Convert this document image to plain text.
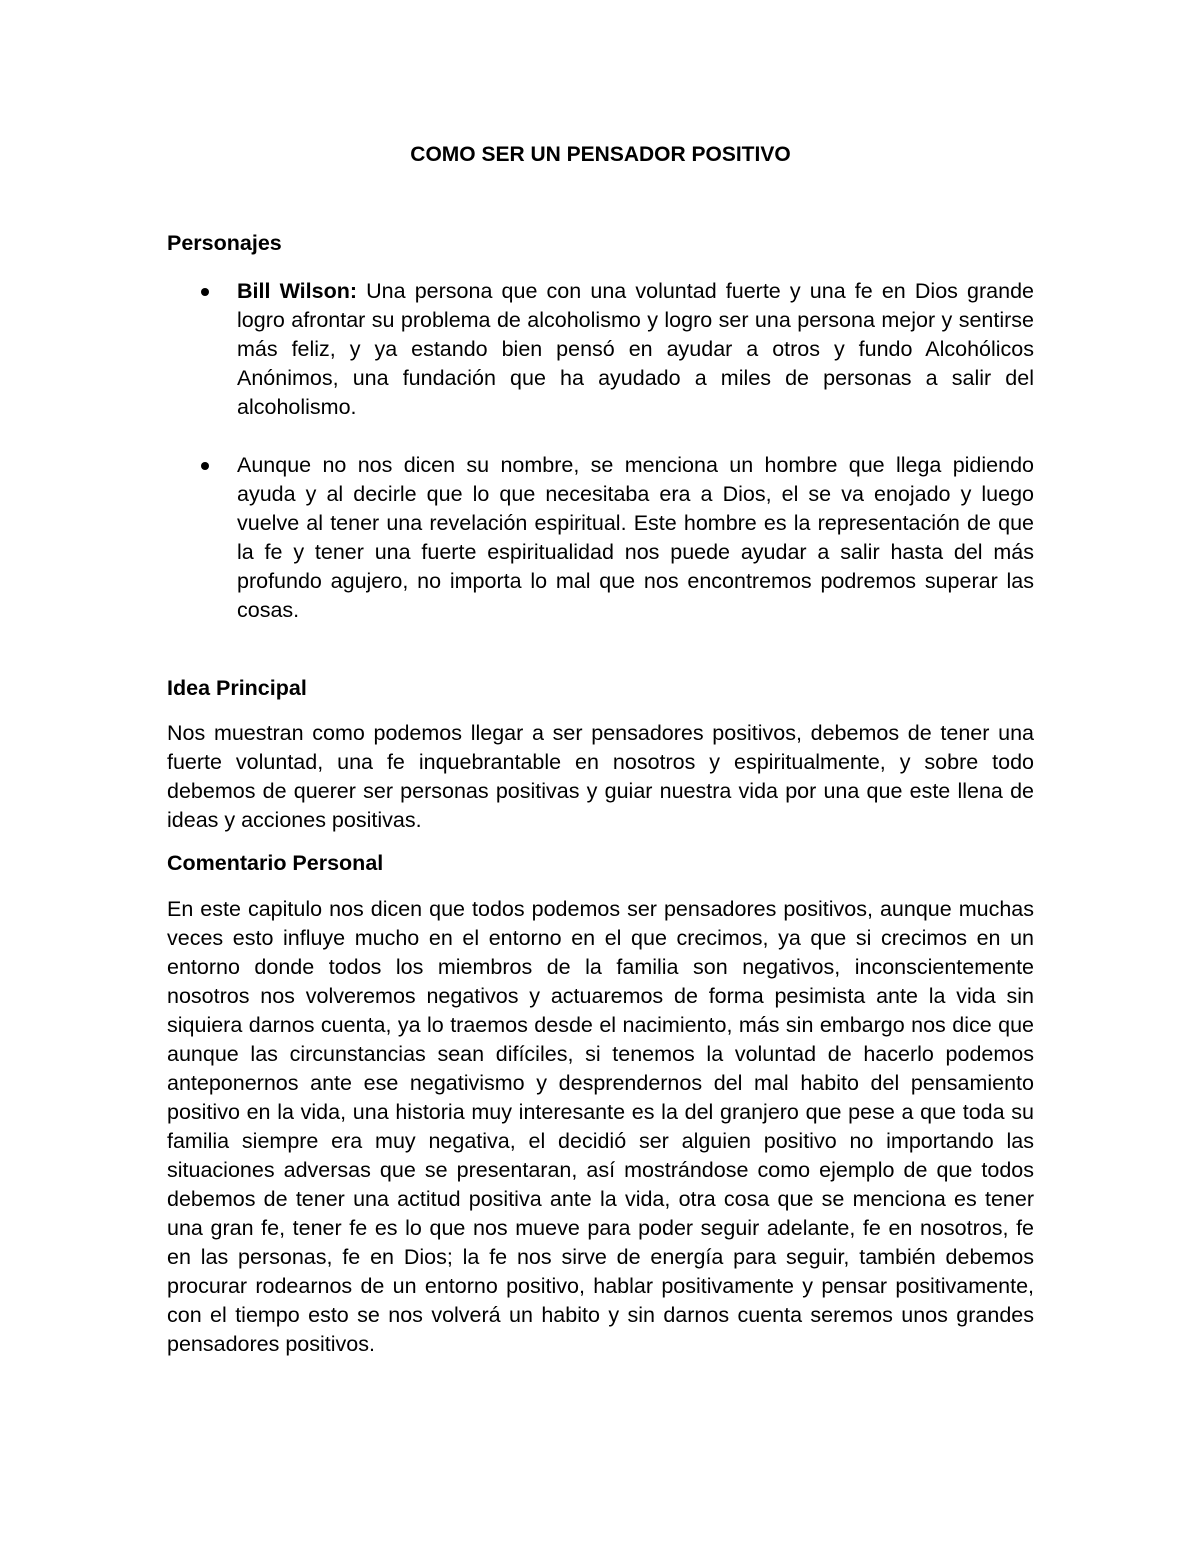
COMO SER UN PENSADOR POSITIVO
Personajes
Bill Wilson: Una persona que con una voluntad fuerte y una fe en Dios grande logro afrontar su problema de alcoholismo y logro ser una persona mejor y sentirse más feliz, y ya estando bien pensó en ayudar a otros y fundo Alcohólicos Anónimos, una fundación que ha ayudado a miles de personas a salir del alcoholismo.
Aunque no nos dicen su nombre, se menciona un hombre que llega pidiendo ayuda y al decirle que lo que necesitaba era a Dios, el se va enojado y luego vuelve al tener una revelación espiritual. Este hombre es la representación de que la fe y tener una fuerte espiritualidad nos puede ayudar a salir hasta del más profundo agujero, no importa lo mal que nos encontremos podremos superar las cosas.
Idea Principal

Nos muestran como podemos llegar a ser pensadores positivos, debemos de tener una fuerte voluntad, una fe inquebrantable en nosotros y espiritualmente, y sobre todo debemos de querer ser personas positivas y guiar nuestra vida por una que este llena de ideas y acciones positivas.

Comentario Personal

En este capitulo nos dicen que todos podemos ser pensadores positivos, aunque muchas veces esto influye mucho en el entorno en el que crecimos, ya que si crecimos en un entorno donde todos los miembros de la familia son negativos, inconscientemente nosotros nos volveremos negativos y actuaremos de forma pesimista ante la vida sin siquiera darnos cuenta, ya lo traemos desde el nacimiento, más sin embargo nos dice que aunque las circunstancias sean difíciles, si tenemos la voluntad de hacerlo podemos anteponernos ante ese negativismo y desprendernos del mal habito del pensamiento positivo en la vida, una historia muy interesante es la del granjero que pese a que toda su familia siempre era muy negativa, el decidió ser alguien positivo no importando las situaciones adversas que se presentaran, así mostrándose como ejemplo de que todos debemos de tener una actitud positiva ante la vida, otra cosa que se menciona es tener una gran fe, tener fe es lo que nos mueve para poder seguir adelante, fe en nosotros, fe en las personas, fe en Dios; la fe nos sirve de energía para seguir, también debemos procurar rodearnos de un entorno positivo, hablar positivamente y pensar positivamente, con el tiempo esto se nos volverá un habito y sin darnos cuenta seremos unos grandes pensadores positivos.
